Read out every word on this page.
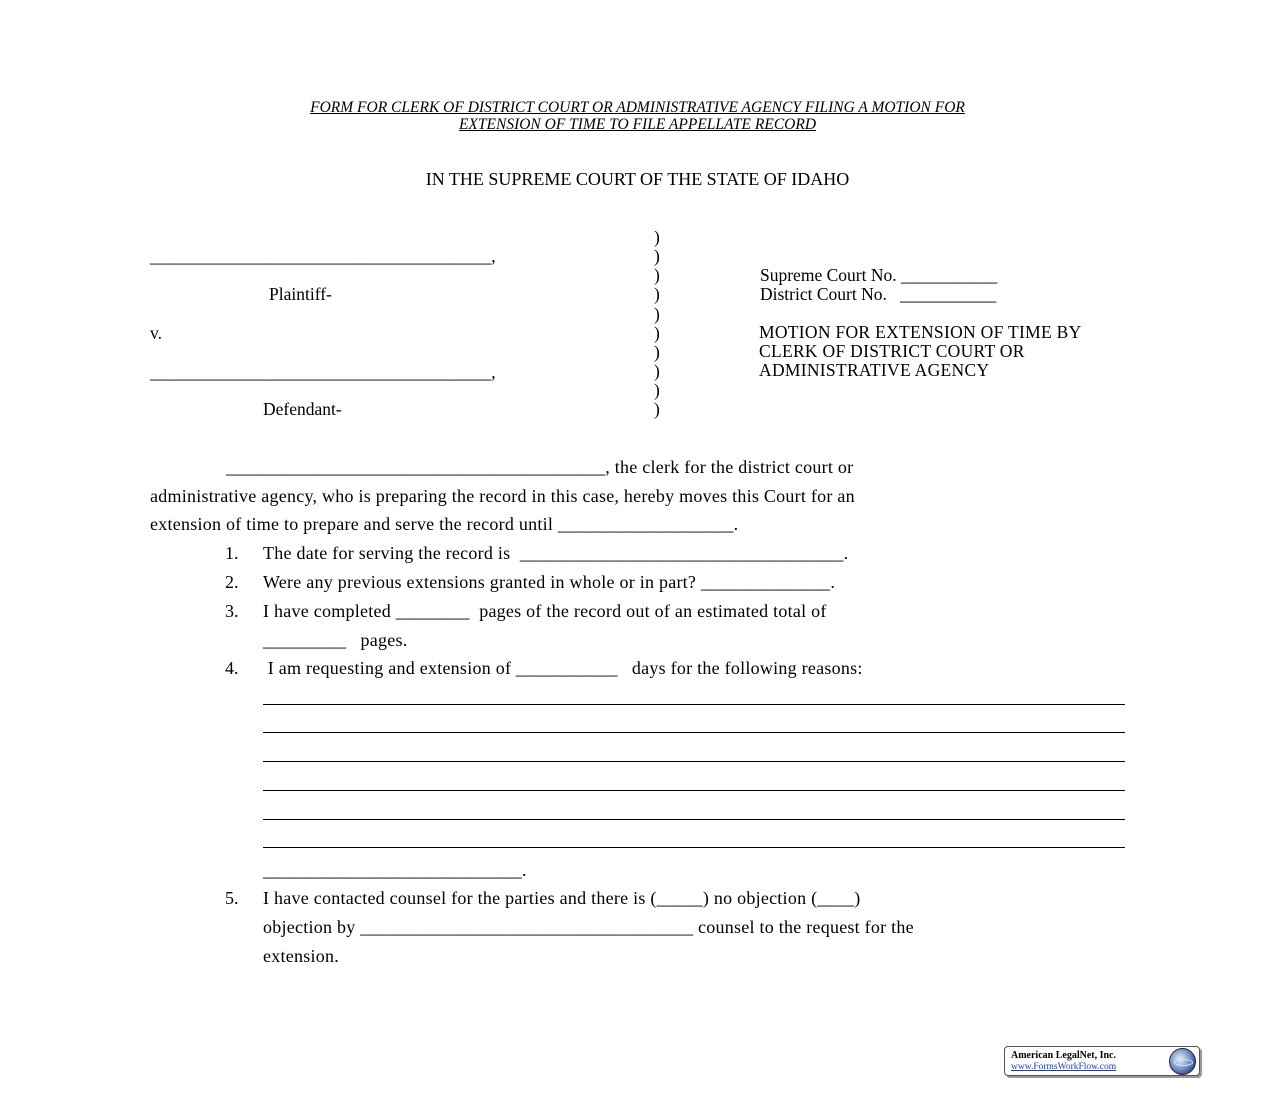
FORM FOR CLERK OF DISTRICT COURT OR ADMINISTRATIVE AGENCY FILING A MOTION FOR
EXTENSION OF TIME TO FILE APPELLATE RECORD
IN THE SUPREME COURT OF THE STATE OF IDAHO
_______________________________________,
Plaintiff-
v.
_______________________________________,
Defendant-
)
)
)
)
)
)
)
)
)
)
Supreme Court No. ___________
District Court No.   ___________
MOTION FOR EXTENSION OF TIME BY CLERK OF DISTRICT COURT OR ADMINISTRATIVE AGENCY
_________________________________________, the clerk for the district court or
administrative agency, who is preparing the record in this case, hereby moves this Court for an
extension of time to prepare and serve the record until ___________________.
1. The date for serving the record is  ___________________________________.
2. Were any previous extensions granted in whole or in part? ______________.
3. I have completed ________  pages of the record out of an estimated total of
_________   pages.
4. I am requesting and extension of ___________   days for the following reasons:
____________________________.
5. I have contacted counsel for the parties and there is (_____) no objection (____)
objection by ____________________________________ counsel to the request for the
extension.
American LegalNet, Inc.
www.FormsWorkFlow.com
